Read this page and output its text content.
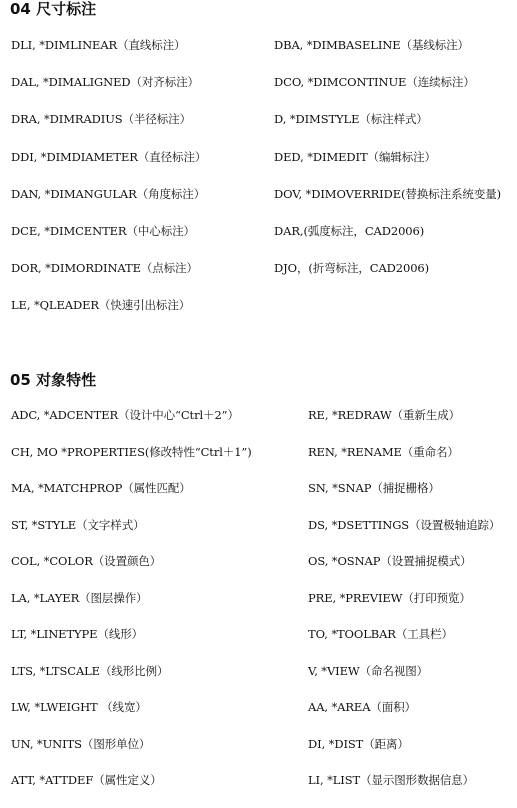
04 尺寸标注
DLI, *DIMLINEAR（直线标注）	DBA, *DIMBASELINE（基线标注）
DAL, *DIMALIGNED（对齐标注）	DCO, *DIMCONTINUE（连续标注）
DRA, *DIMRADIUS（半径标注）	D, *DIMSTYLE（标注样式）
DDI, *DIMDIAMETER（直径标注）	DED, *DIMEDIT（编辑标注）
DAN, *DIMANGULAR（角度标注）	DOV, *DIMOVERRIDE(替换标注系统变量)
DCE, *DIMCENTER（中心标注）	DAR,(弧度标注，CAD2006)
DOR, *DIMORDINATE（点标注）	DJO，(折弯标注，CAD2006)
LE, *QLEADER（快速引出标注）
05 对象特性
ADC, *ADCENTER（设计中心“Ctrl＋2”）	RE, *REDRAW（重新生成）
CH, MO *PROPERTIES(修改特性“Ctrl＋1”)	REN, *RENAME（重命名）
MA, *MATCHPROP（属性匹配）	SN, *SNAP（捕捉栅格）
ST, *STYLE（文字样式）	DS, *DSETTINGS（设置极轴追踪）
COL, *COLOR（设置颜色）	OS, *OSNAP（设置捕捉模式）
LA, *LAYER（图层操作）	PRE, *PREVIEW（打印预览）
LT, *LINETYPE（线形）	TO, *TOOLBAR（工具栏）
LTS, *LTSCALE（线形比例）	V, *VIEW（命名视图）
LW, *LWEIGHT （线宽）	AA, *AREA（面积）
UN, *UNITS（图形单位）	DI, *DIST（距离）
ATT, *ATTDEF（属性定义）	LI, *LIST（显示图形数据信息）
